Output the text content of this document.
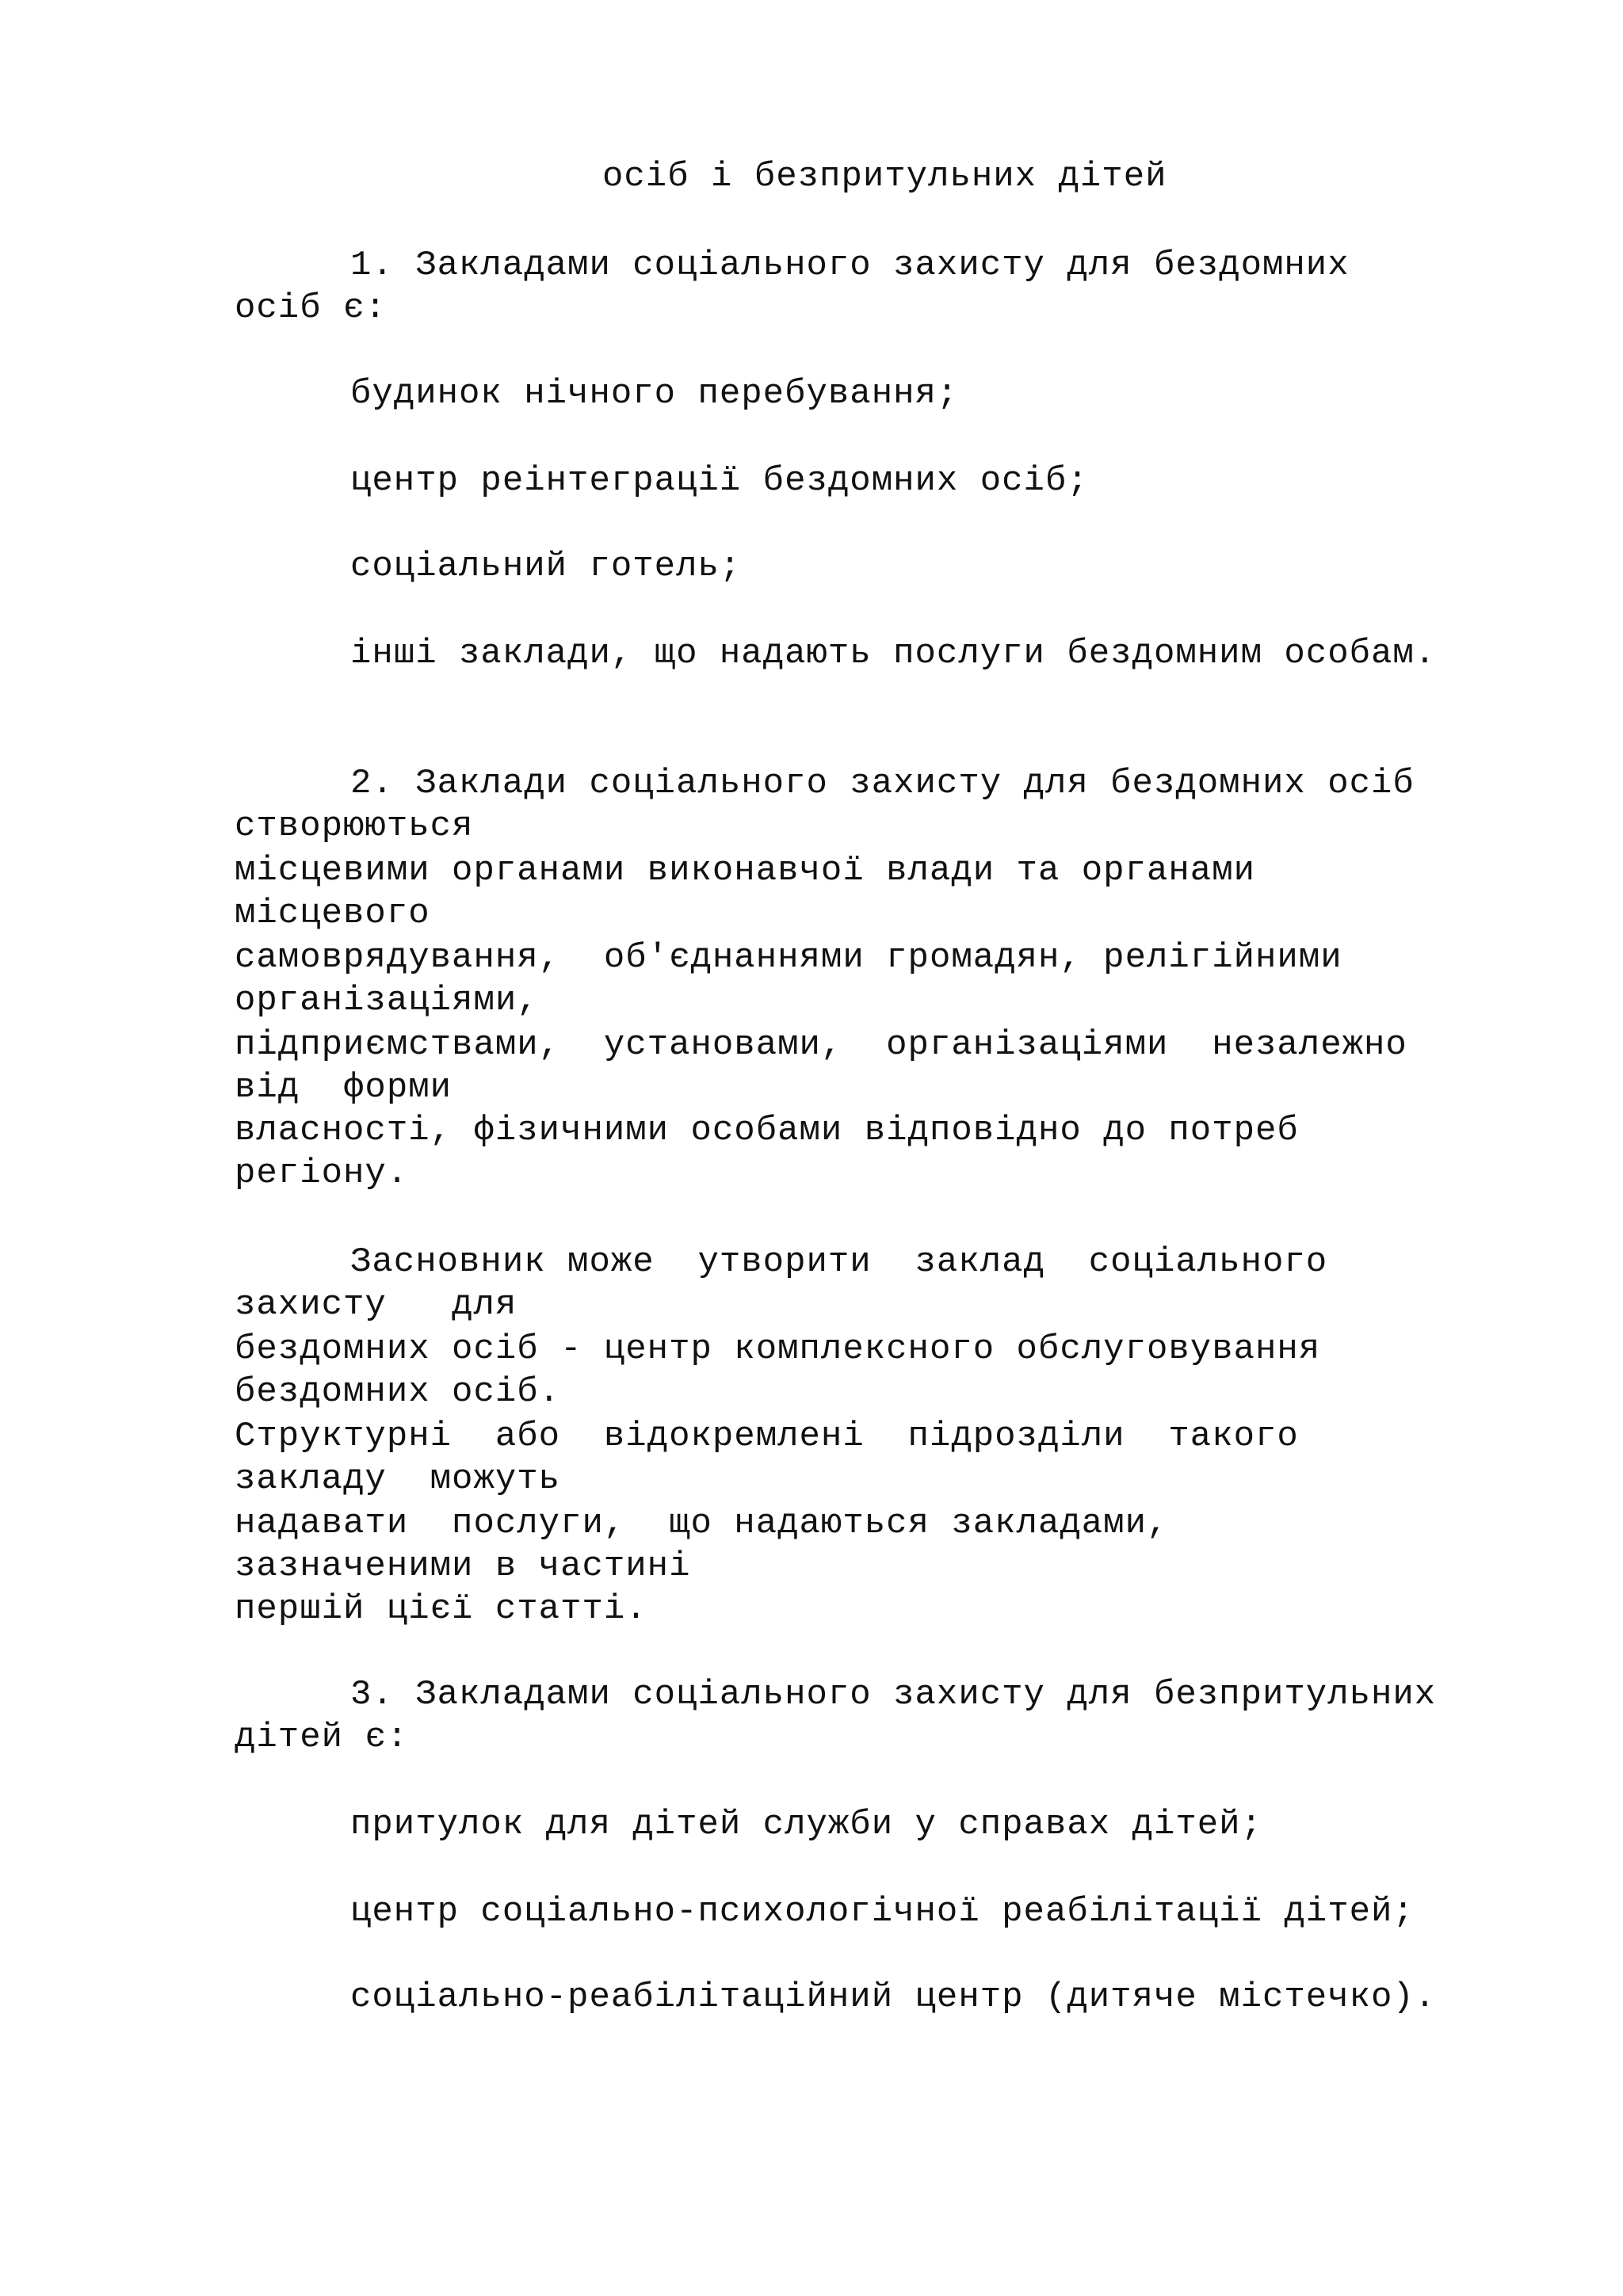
осіб і безпритульних дітей
1. Закладами соціального захисту для бездомних
осіб є:
будинок нічного перебування;
центр реінтеграції бездомних осіб;
соціальний готель;
інші заклади, що надають послуги бездомним особам.
2. Заклади соціального захисту для бездомних осіб
створюються
місцевими органами виконавчої влади та органами
місцевого
самоврядування,  об'єднаннями громадян, релігійними
організаціями,
підприємствами,  установами,  організаціями  незалежно
від  форми
власності, фізичними особами відповідно до потреб
регіону.
Засновник може  утворити  заклад  соціального
захисту   для
бездомних осіб - центр комплексного обслуговування
бездомних осіб.
Структурні  або  відокремлені  підрозділи  такого
закладу  можуть
надавати  послуги,  що надаються закладами,
зазначеними в частині
першій цієї статті.
3. Закладами соціального захисту для безпритульних
дітей є:
притулок для дітей служби у справах дітей;
центр соціально-психологічної реабілітації дітей;
соціально-реабілітаційний центр (дитяче містечко).
